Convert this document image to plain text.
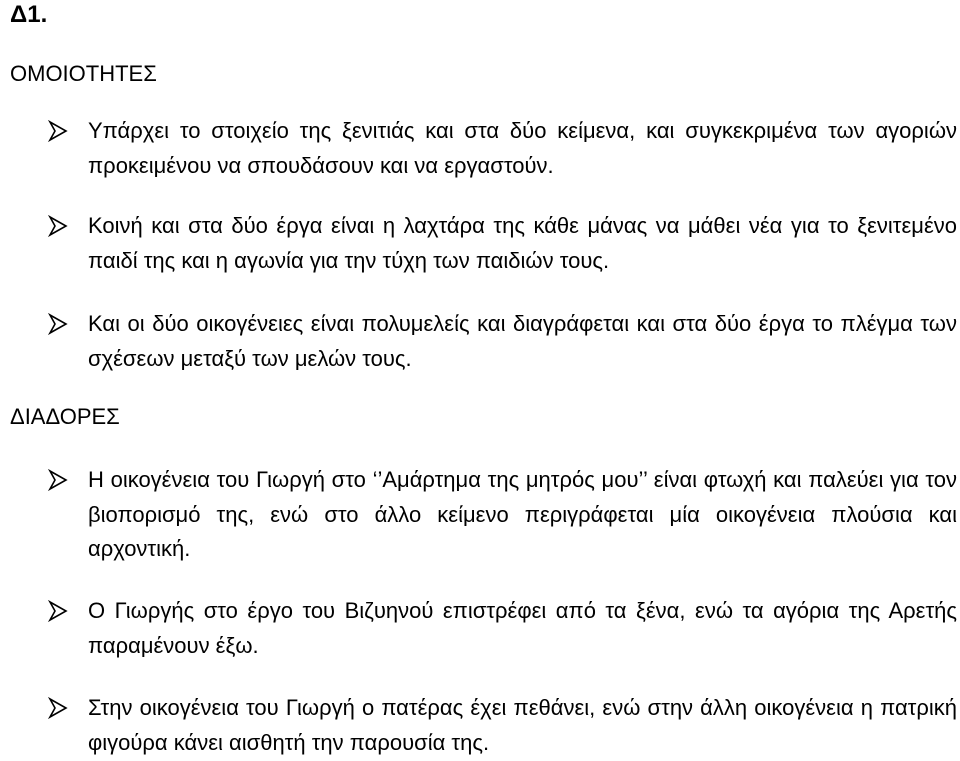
Δ1.
ΟΜΟΙΟΤΗΤΕΣ
Υπάρχει το στοιχείο της ξενιτιάς και στα δύο κείμενα, και συγκεκριμένα των αγοριών προκειμένου να σπουδάσουν και να εργαστούν.
Κοινή και στα δύο έργα είναι η λαχτάρα της κάθε μάνας να μάθει νέα για το ξενιτεμένο παιδί της και η αγωνία για την τύχη των παιδιών τους.
Και οι δύο οικογένειες είναι πολυμελείς και διαγράφεται και στα δύο έργα το πλέγμα των σχέσεων μεταξύ των μελών τους.
ΔΙΑΔΟΡΕΣ
Η οικογένεια του Γιωργή στο ‘’Αμάρτημα της μητρός μου’’ είναι φτωχή και παλεύει για τον βιοπορισμό της, ενώ στο άλλο κείμενο περιγράφεται μία οικογένεια πλούσια και αρχοντική.
Ο Γιωργής στο έργο του Βιζυηνού επιστρέφει από τα ξένα, ενώ τα αγόρια της Αρετής παραμένουν έξω.
Στην οικογένεια του Γιωργή ο πατέρας έχει πεθάνει, ενώ στην άλλη οικογένεια η πατρική φιγούρα κάνει αισθητή την παρουσία της.
